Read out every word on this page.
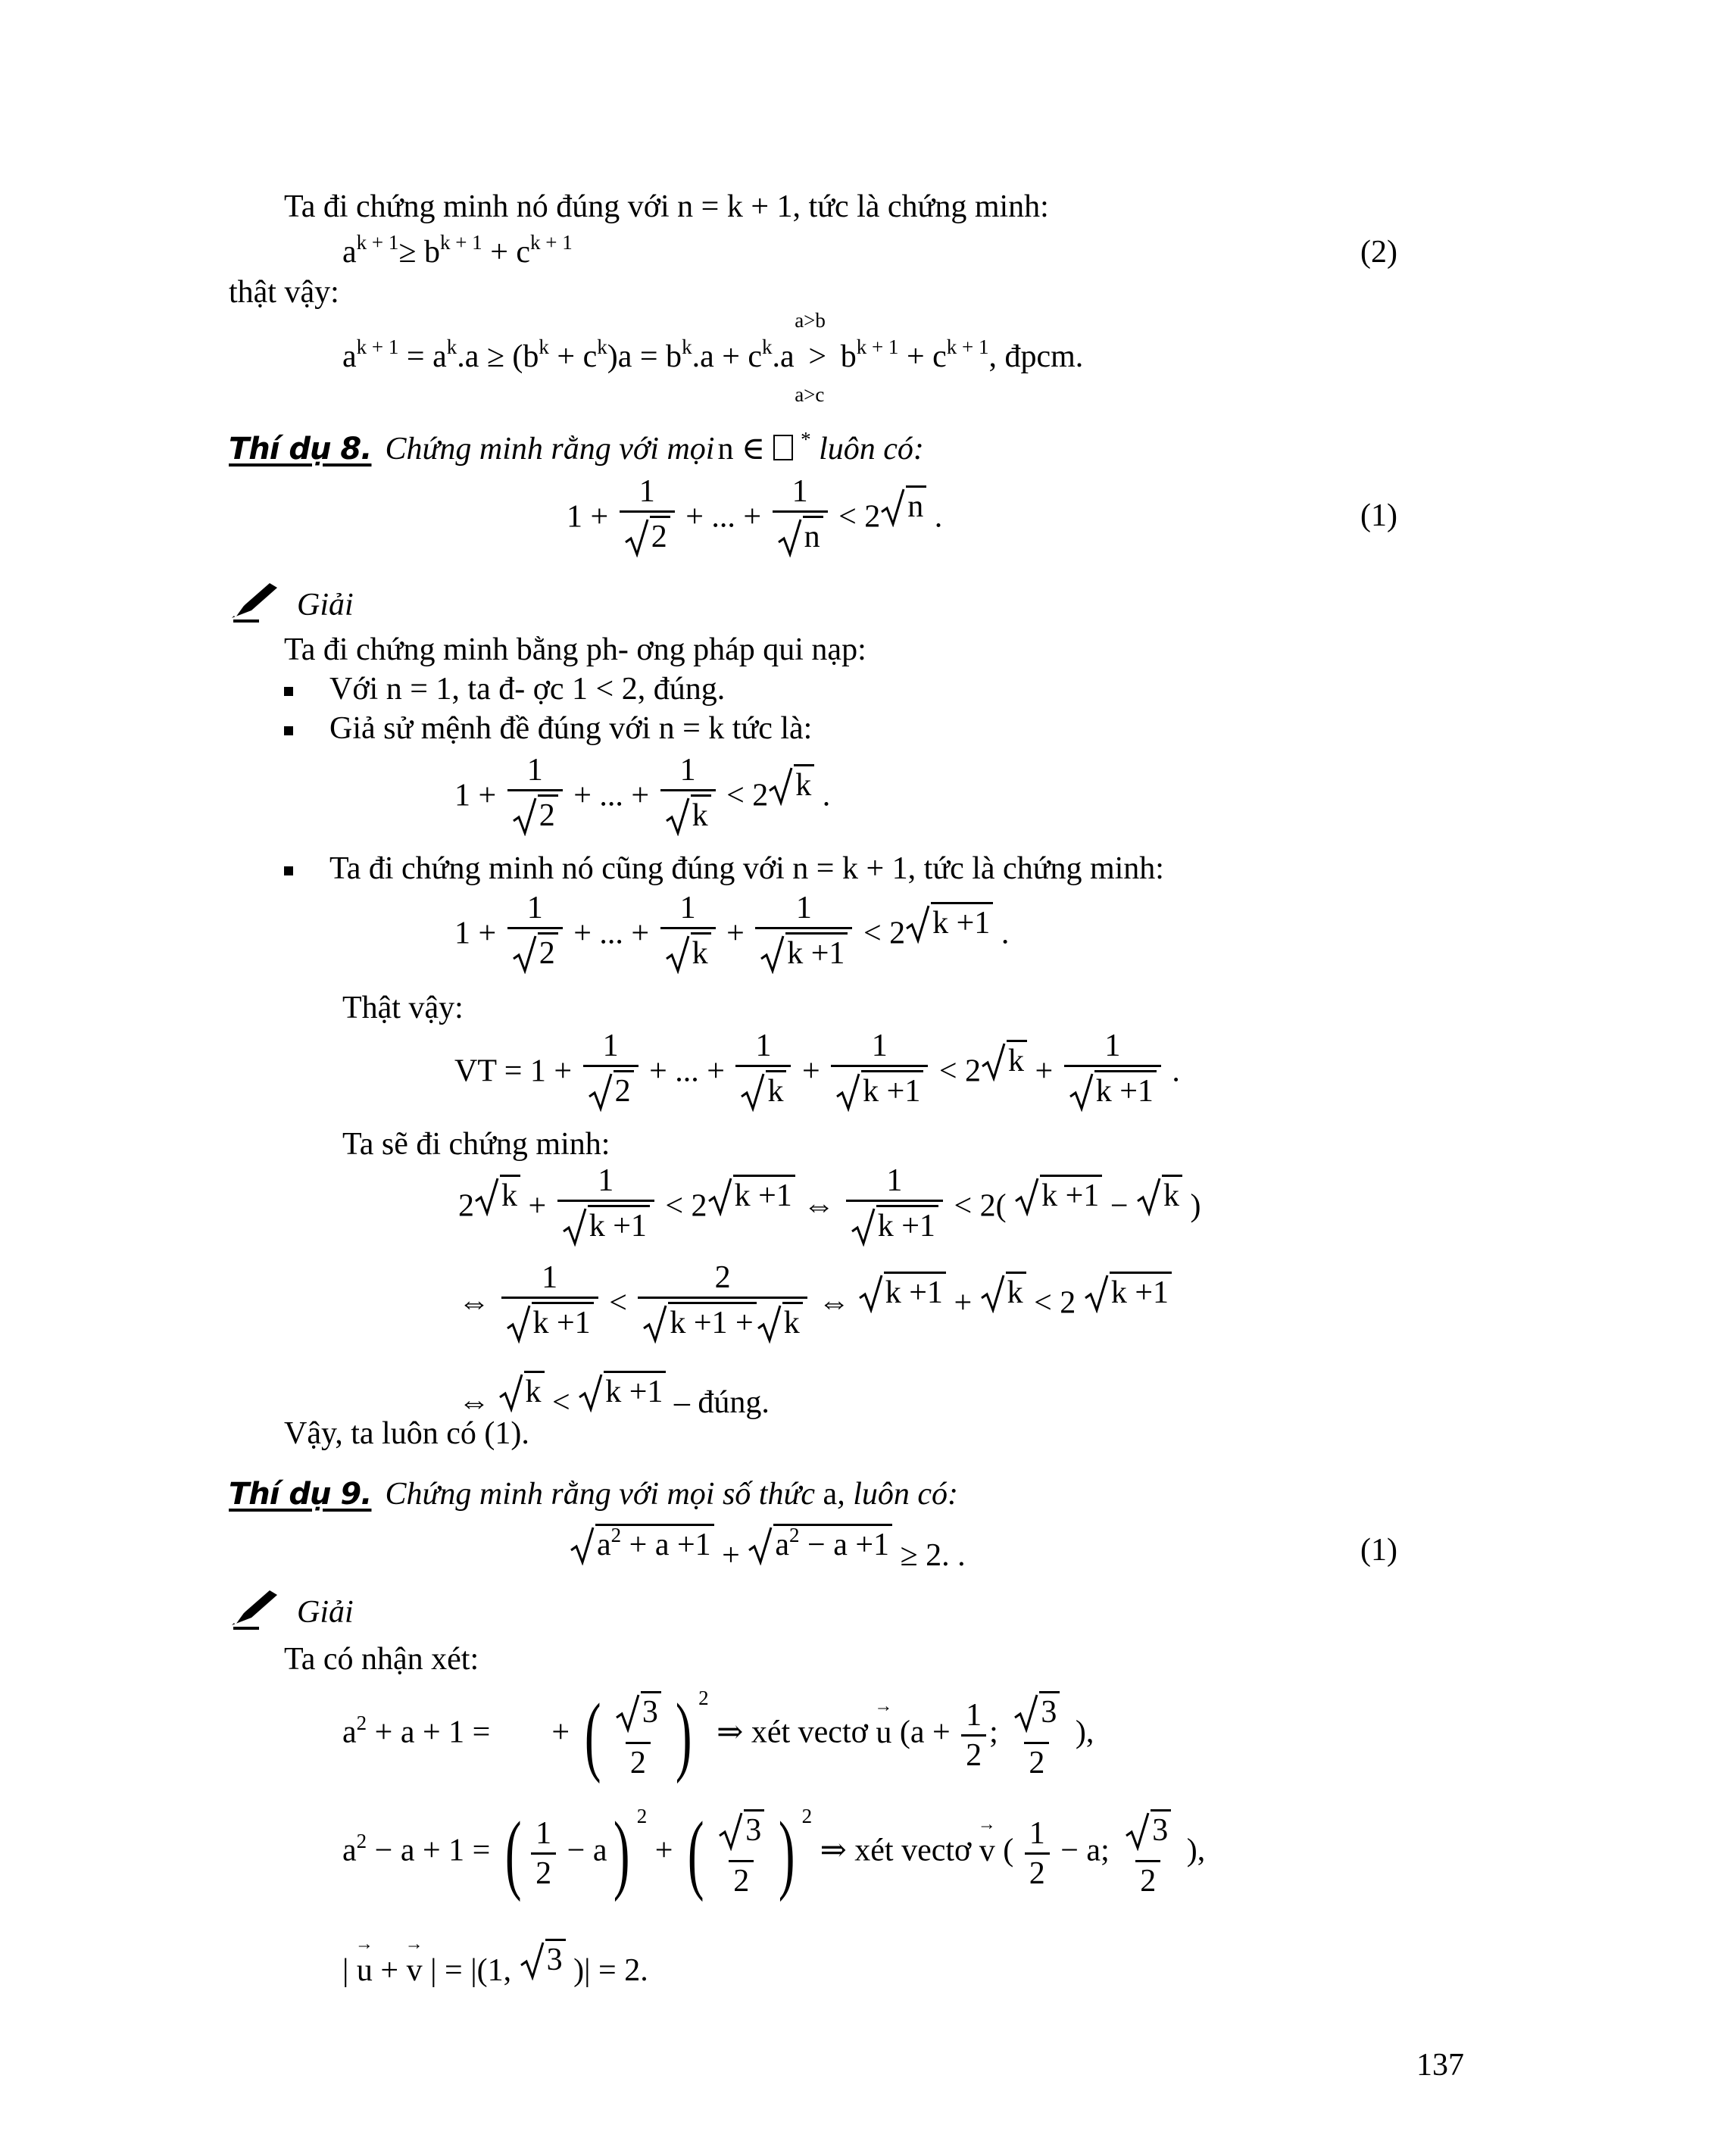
Ta đi chứng minh nó đúng với n = k + 1, tức là chứng minh:
$a^{k + 1}\ge b^{k + 1} + c^{k + 1}$	(2)
thật vậy:
$a^{k + 1} = a^k.a \ge (b^k + c^k)a = b^k.a + c^k.a$ >
a>b
a>c
$b^{k + 1} + c^{k + 1}$, đpcm.
Thí dụ 8. Chứng minh rằng với mọi n ∈  * luôn có:
$1 + \frac{1}{2}$ + ... + $\frac{1}{n} < 2$ n .	(1)
Giải
Ta đi chứng minh bằng ph- ơng pháp qui nạp:
Với n = 1, ta đ- ợc 1 < 2, đúng.
Giả sử mệnh đề đúng với n = k tức là:
$1 + \frac{1}{2}$ + ... + $\frac{1}{k} < 2$ k .
Ta đi chứng minh nó cũng đúng với n = k + 1, tức là chứng minh:
$1 + \frac{1}{2}$ + ... + $\frac{1}{k} + \frac{1}{k +1} < 2$ k +1 .
Thật vậy:
VT = $1 + \frac{1}{2}$ + ... + $\frac{1}{k} + \frac{1}{k +1} < 2$ $k + \frac{1}{k +1}$ .
Ta sẽ đi chứng minh:
2 $k + \frac{1}{k +1} < 2$ k +1 ⇔ $\frac{1}{k +1} < 2$( k +1 − k )
⇔ $\frac{1}{k +1} < \frac{2}{k +1 + k}$ ⇔ k +1 + k < 2 k +1
⇔ k < k +1 – đúng.
Vậy, ta luôn có (1).
Thí dụ 9. Chứng minh rằng với mọi số thức a, luôn có:
$a^2 + a +1 + a^2 - a +1 \ge 2$. .	(1)
Giải
Ta có nhận xét:
$a^2 + a + 1$ =  + ( $\frac{3}{2}$ ) $^2$ ⇒ xét vectơ u
→
($a + \frac{1}{2}$ ; $\frac{3}{2}$ ),
$a^2 - a + 1$ = ( $\frac{1}{2} - a$) $^2$ + ( $\frac{3}{2}$ ) $^2$ ⇒ xét vectơ v
→
( $\frac{1}{2} - a$; $\frac{3}{2}$ ),
| u
→
+ v
→
| = |(1, 3 )| = 2.
137
